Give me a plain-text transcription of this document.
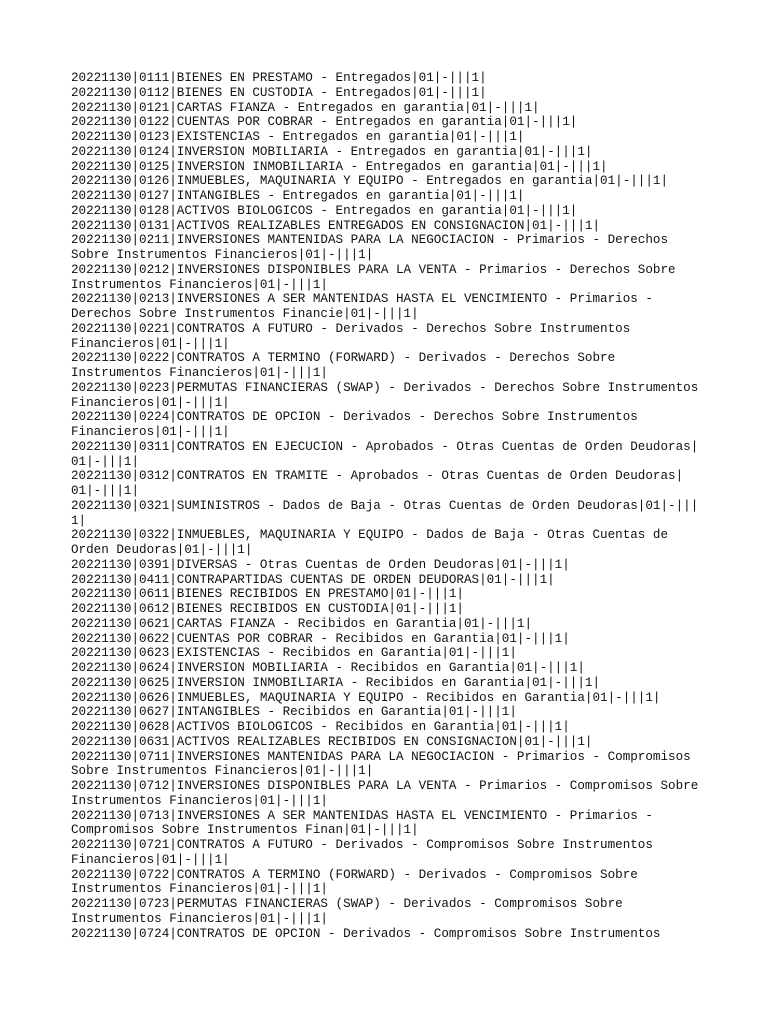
20221130|0111|BIENES EN PRESTAMO - Entregados|01|-|||1|
20221130|0112|BIENES EN CUSTODIA - Entregados|01|-|||1|
20221130|0121|CARTAS FIANZA - Entregados en garantia|01|-|||1|
20221130|0122|CUENTAS POR COBRAR - Entregados en garantia|01|-|||1|
20221130|0123|EXISTENCIAS - Entregados en garantia|01|-|||1|
20221130|0124|INVERSION MOBILIARIA - Entregados en garantia|01|-|||1|
20221130|0125|INVERSION INMOBILIARIA - Entregados en garantia|01|-|||1|
20221130|0126|INMUEBLES, MAQUINARIA Y EQUIPO - Entregados en garantia|01|-|||1|
20221130|0127|INTANGIBLES - Entregados en garantia|01|-|||1|
20221130|0128|ACTIVOS BIOLOGICOS - Entregados en garantia|01|-|||1|
20221130|0131|ACTIVOS REALIZABLES ENTREGADOS EN CONSIGNACION|01|-|||1|
20221130|0211|INVERSIONES MANTENIDAS PARA LA NEGOCIACION - Primarios - Derechos
Sobre Instrumentos Financieros|01|-|||1|
20221130|0212|INVERSIONES DISPONIBLES PARA LA VENTA - Primarios - Derechos Sobre
Instrumentos Financieros|01|-|||1|
20221130|0213|INVERSIONES A SER MANTENIDAS HASTA EL VENCIMIENTO - Primarios -
Derechos Sobre Instrumentos Financie|01|-|||1|
20221130|0221|CONTRATOS A FUTURO - Derivados - Derechos Sobre Instrumentos
Financieros|01|-|||1|
20221130|0222|CONTRATOS A TERMINO (FORWARD) - Derivados - Derechos Sobre
Instrumentos Financieros|01|-|||1|
20221130|0223|PERMUTAS FINANCIERAS (SWAP) - Derivados - Derechos Sobre Instrumentos
Financieros|01|-|||1|
20221130|0224|CONTRATOS DE OPCION - Derivados - Derechos Sobre Instrumentos
Financieros|01|-|||1|
20221130|0311|CONTRATOS EN EJECUCION - Aprobados - Otras Cuentas de Orden Deudoras|
01|-|||1|
20221130|0312|CONTRATOS EN TRAMITE - Aprobados - Otras Cuentas de Orden Deudoras|
01|-|||1|
20221130|0321|SUMINISTROS - Dados de Baja - Otras Cuentas de Orden Deudoras|01|-|||
1|
20221130|0322|INMUEBLES, MAQUINARIA Y EQUIPO - Dados de Baja - Otras Cuentas de
Orden Deudoras|01|-|||1|
20221130|0391|DIVERSAS - Otras Cuentas de Orden Deudoras|01|-|||1|
20221130|0411|CONTRAPARTIDAS CUENTAS DE ORDEN DEUDORAS|01|-|||1|
20221130|0611|BIENES RECIBIDOS EN PRESTAMO|01|-|||1|
20221130|0612|BIENES RECIBIDOS EN CUSTODIA|01|-|||1|
20221130|0621|CARTAS FIANZA - Recibidos en Garantia|01|-|||1|
20221130|0622|CUENTAS POR COBRAR - Recibidos en Garantia|01|-|||1|
20221130|0623|EXISTENCIAS - Recibidos en Garantia|01|-|||1|
20221130|0624|INVERSION MOBILIARIA - Recibidos en Garantia|01|-|||1|
20221130|0625|INVERSION INMOBILIARIA - Recibidos en Garantia|01|-|||1|
20221130|0626|INMUEBLES, MAQUINARIA Y EQUIPO - Recibidos en Garantia|01|-|||1|
20221130|0627|INTANGIBLES - Recibidos en Garantia|01|-|||1|
20221130|0628|ACTIVOS BIOLOGICOS - Recibidos en Garantia|01|-|||1|
20221130|0631|ACTIVOS REALIZABLES RECIBIDOS EN CONSIGNACION|01|-|||1|
20221130|0711|INVERSIONES MANTENIDAS PARA LA NEGOCIACION - Primarios - Compromisos
Sobre Instrumentos Financieros|01|-|||1|
20221130|0712|INVERSIONES DISPONIBLES PARA LA VENTA - Primarios - Compromisos Sobre
Instrumentos Financieros|01|-|||1|
20221130|0713|INVERSIONES A SER MANTENIDAS HASTA EL VENCIMIENTO - Primarios -
Compromisos Sobre Instrumentos Finan|01|-|||1|
20221130|0721|CONTRATOS A FUTURO - Derivados - Compromisos Sobre Instrumentos
Financieros|01|-|||1|
20221130|0722|CONTRATOS A TERMINO (FORWARD) - Derivados - Compromisos Sobre
Instrumentos Financieros|01|-|||1|
20221130|0723|PERMUTAS FINANCIERAS (SWAP) - Derivados - Compromisos Sobre
Instrumentos Financieros|01|-|||1|
20221130|0724|CONTRATOS DE OPCION - Derivados - Compromisos Sobre Instrumentos
